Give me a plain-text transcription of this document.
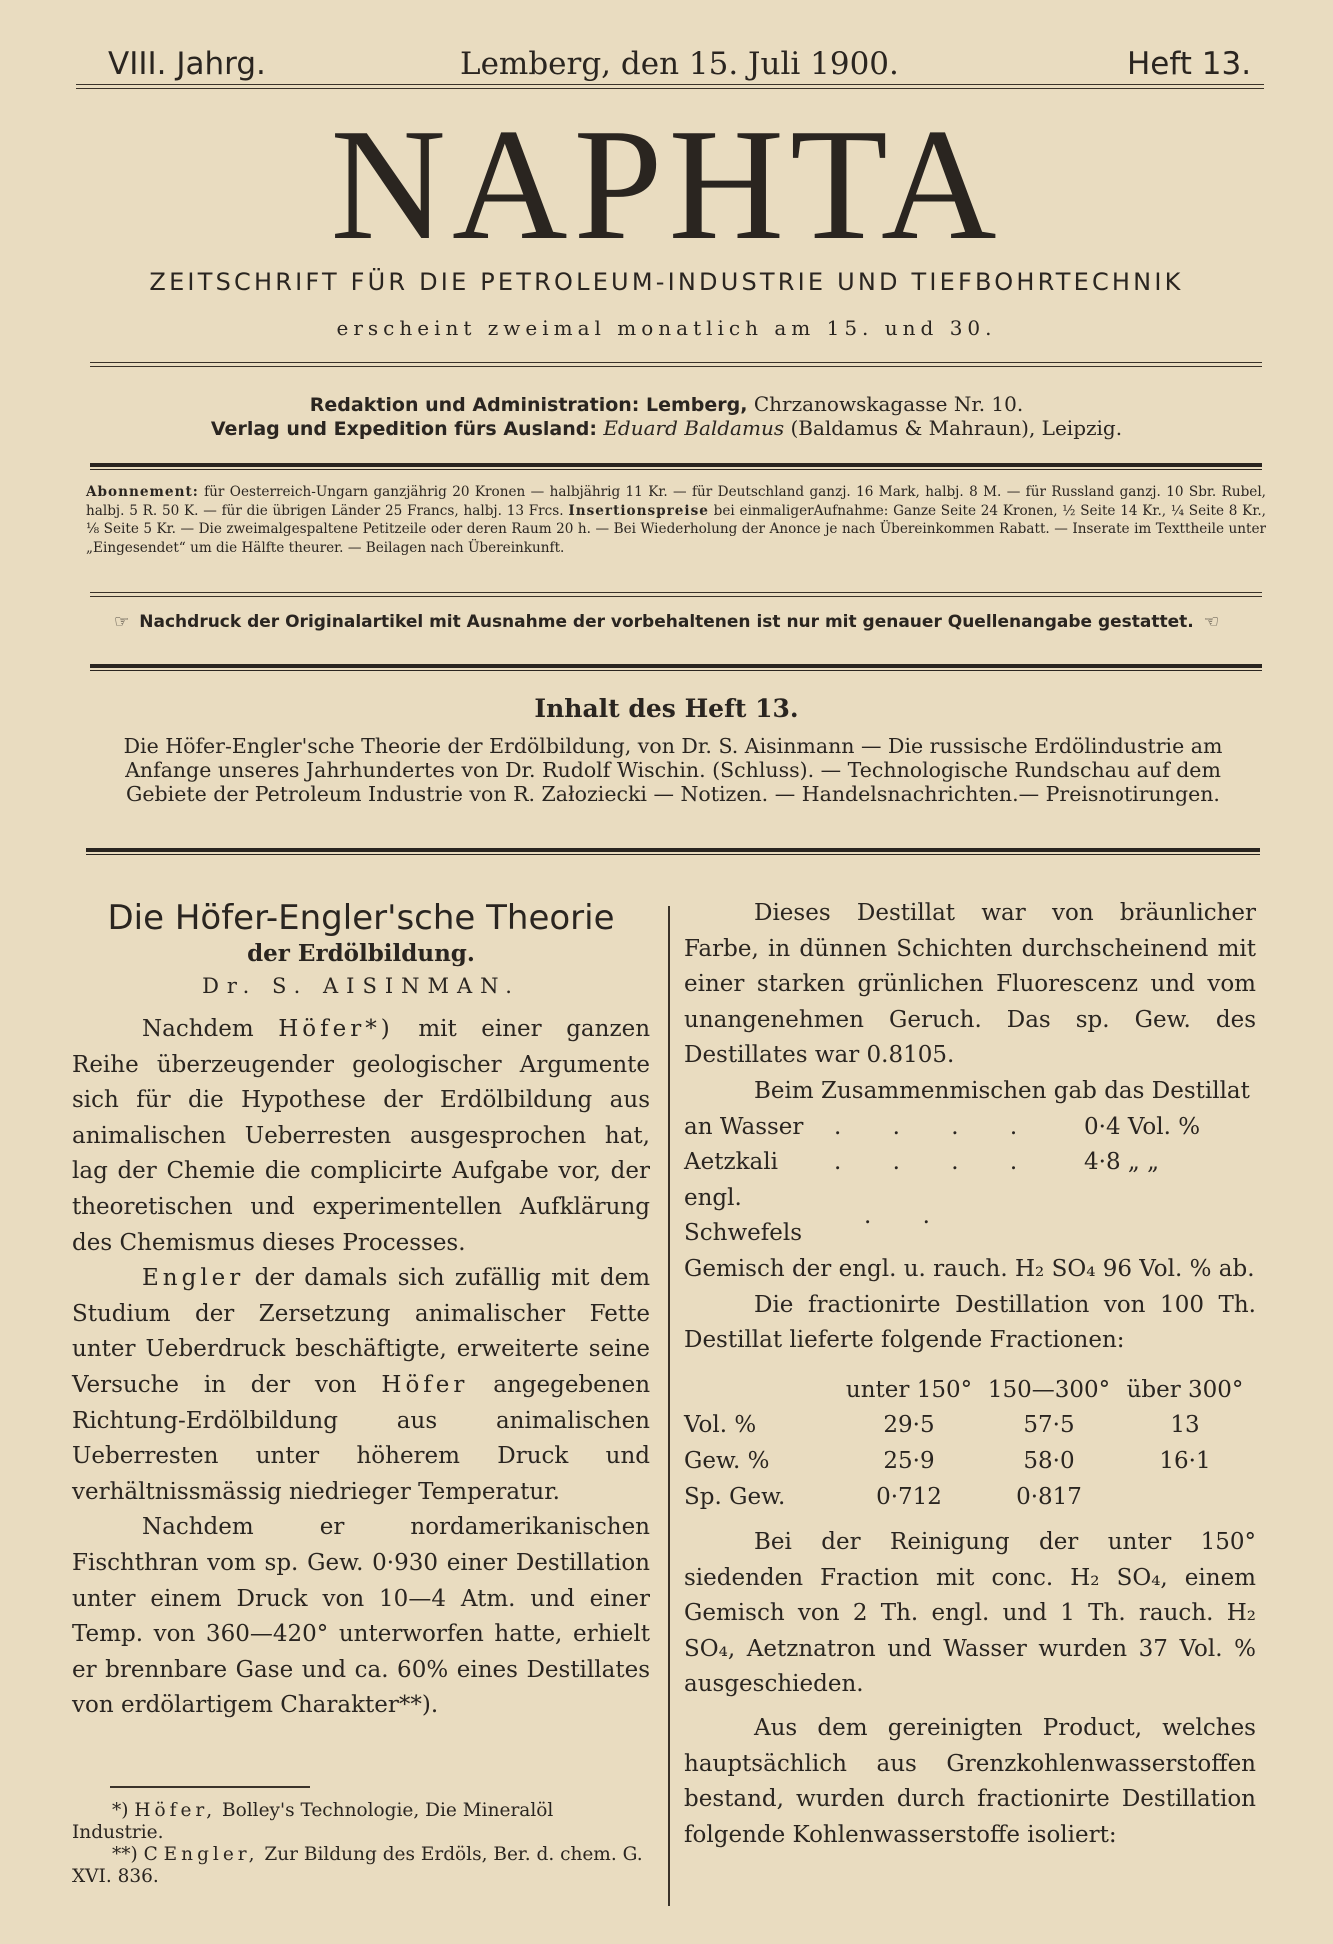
VIII. Jahrg.	Lemberg, den 15. Juli 1900.	Heft 13.
NAPHTA
ZEITSCHRIFT FÜR DIE PETROLEUM-INDUSTRIE UND TIEFBOHRTECHNIK
erscheint zweimal monatlich am 15. und 30.
Redaktion und Administration: Lemberg, Chrzanowskagasse Nr. 10.
Verlag und Expedition fürs Ausland: Eduard Baldamus (Baldamus & Mahraun), Leipzig.
Abonnement: für Oesterreich-Ungarn ganzjährig 20 Kronen — halbjährig 11 Kr. — für Deutschland ganzj. 16 Mark, halbj. 8 M. — für Russland ganzj. 10 Sbr. Rubel, halbj. 5 R. 50 K. — für die übrigen Länder 25 Francs, halbj. 13 Frcs. Insertionspreise bei einmaligerAufnahme: Ganze Seite 24 Kronen, ½ Seite 14 Kr., ¼ Seite 8 Kr., ⅛ Seite 5 Kr. — Die zweimalgespaltene Petitzeile oder deren Raum 20 h. — Bei Wiederholung der Anonce je nach Übereinkommen Rabatt. — Inserate im Texttheile unter „Eingesendet“ um die Hälfte theurer. — Beilagen nach Übereinkunft.
☞ Nachdruck der Originalartikel mit Ausnahme der vorbehaltenen ist nur mit genauer Quellenangabe gestattet. ☜
Inhalt des Heft 13.
Die Höfer-Engler'sche Theorie der Erdölbildung, von Dr. S. Aisinmann — Die russische Erdölindustrie am Anfange unseres Jahrhundertes von Dr. Rudolf Wischin. (Schluss). — Technologische Rundschau auf dem Gebiete der Petroleum Industrie von R. Załoziecki — Notizen. — Handelsnachrichten.— Preisnotirungen.
Die Höfer-Engler'sche Theorie
der Erdölbildung.
Dr. S. AISINMAN.

Nachdem Höfer*) mit einer ganzen Reihe überzeugender geologischer Argumente sich für die Hypothese der Erdölbildung aus animalischen Ueberresten ausgesprochen hat, lag der Chemie die complicirte Aufgabe vor, der theoretischen und experimentellen Aufklärung des Chemismus dieses Processes.

Engler der damals sich zufällig mit dem Studium der Zersetzung animalischer Fette unter Ueberdruck beschäftigte, erweiterte seine Versuche in der von Höfer angegebenen Richtung-Erdölbildung aus animalischen Ueberresten unter höherem Druck und verhältnissmässig niedrieger Temperatur.

Nachdem er nordamerikanischen Fischthran vom sp. Gew. 0·930 einer Destillation unter einem Druck von 10—4 Atm. und einer Temp. von 360—420° unterworfen hatte, erhielt er brennbare Gase und ca. 60% eines Destillates von erdölartigem Charakter**).

*) Höfer, Bolley's Technologie, Die Mineralöl Industrie.
**) C Engler, Zur Bildung des Erdöls, Ber. d. chem. G. XVI. 836.

Dieses Destillat war von bräunlicher Farbe, in dünnen Schichten durchscheinend mit einer starken grünlichen Fluorescenz und vom unangenehmen Geruch. Das sp. Gew. des Destillates war 0.8105.

Beim Zusammenmischen gab das Destillat

an Wasser	. . . .	0·4 Vol. %
Aetzkali	. . . .	4·8 „ „
engl. Schwefels	. .	

Gemisch der engl. u. rauch. H₂ SO₄ 96 Vol. % ab.

Die fractionirte Destillation von 100 Th. Destillat lieferte folgende Fractionen:

	unter 150°	150—300°	über 300°
Vol. %	29·5	57·5	13
Gew. %	25·9	58·0	16·1
Sp. Gew.	0·712	0·817	

Bei der Reinigung der unter 150° siedenden Fraction mit conc. H₂ SO₄, einem Gemisch von 2 Th. engl. und 1 Th. rauch. H₂ SO₄, Aetznatron und Wasser wurden 37 Vol. % ausgeschieden.

Aus dem gereinigten Product, welches hauptsächlich aus Grenzkohlenwasserstoffen bestand, wurden durch fractionirte Destillation folgende Kohlenwasserstoffe isoliert:
